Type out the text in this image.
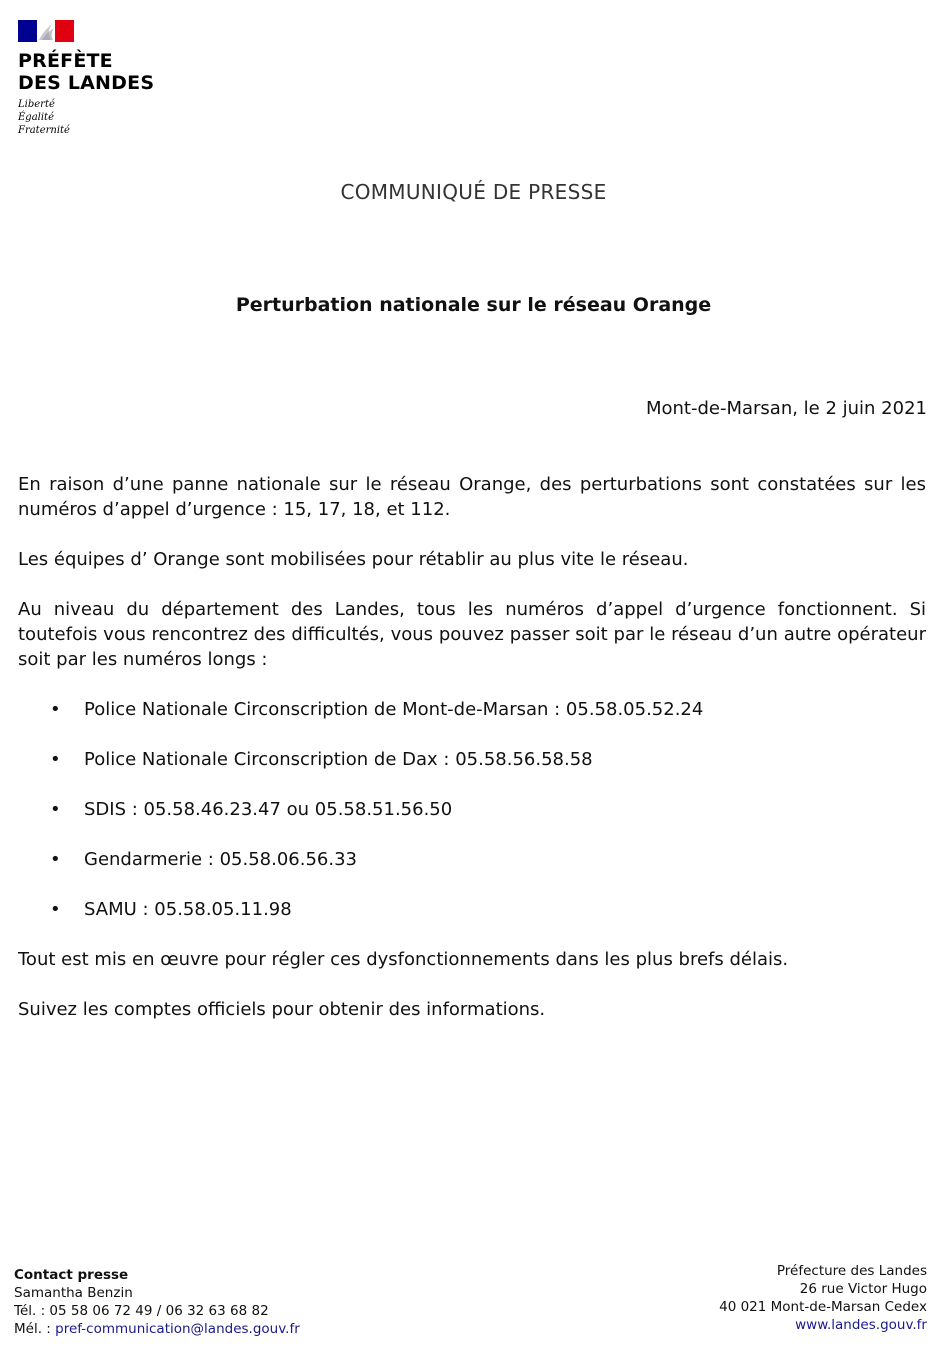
PRÉFÈTE
DES LANDES
Liberté
Égalité
Fraternité
COMMUNIQUÉ DE PRESSE
Perturbation nationale sur le réseau Orange
Mont-de-Marsan, le 2 juin 2021

En raison d’une panne nationale sur le réseau Orange, des perturbations sont constatées sur les numéros d’appel d’urgence : 15, 17, 18, et 112.

Les équipes d’ Orange sont mobilisées pour rétablir au plus vite le réseau.

Au niveau du département des Landes, tous les numéros d’appel d’urgence fonctionnent. Si toutefois vous rencontrez des difficultés, vous pouvez passer soit par le réseau d’un autre opérateur soit par les numéros longs :

• Police Nationale Circonscription de Mont-de-Marsan : 05.58.05.52.24
• Police Nationale Circonscription de Dax : 05.58.56.58.58
• SDIS : 05.58.46.23.47 ou 05.58.51.56.50
• Gendarmerie : 05.58.06.56.33
• SAMU : 05.58.05.11.98

Tout est mis en œuvre pour régler ces dysfonctionnements dans les plus brefs délais.

Suivez les comptes officiels pour obtenir des informations.

Contact presse
Samantha Benzin
Tél. : 05 58 06 72 49 / 06 32 63 68 82
Mél. : pref-communication@landes.gouv.fr
Préfecture des Landes
26 rue Victor Hugo
40 021 Mont-de-Marsan Cedex
www.landes.gouv.fr
